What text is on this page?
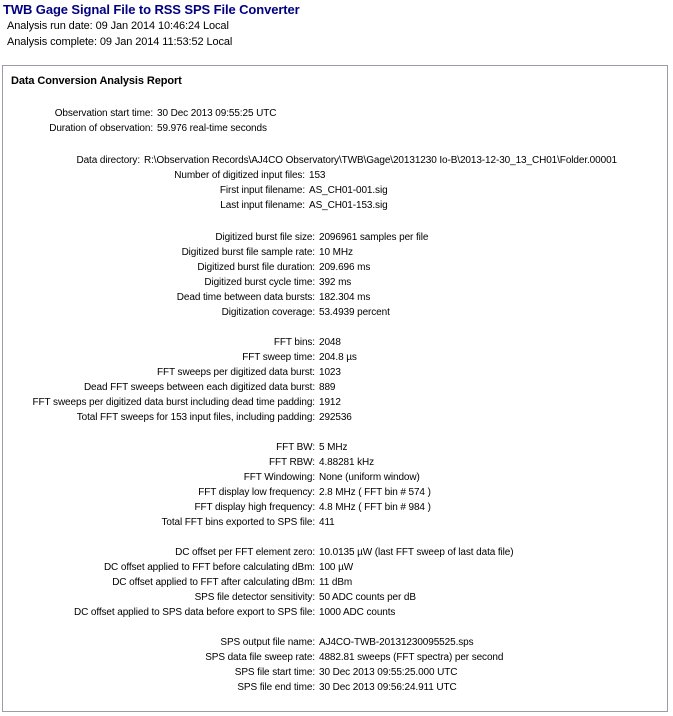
TWB Gage Signal File to RSS SPS File Converter
Analysis run date: 09 Jan 2014 10:46:24 Local
Analysis complete: 09 Jan 2014 11:53:52 Local
Data Conversion Analysis Report
Observation start time: 30 Dec 2013 09:55:25 UTC
Duration of observation: 59.976 real-time seconds
Data directory: R:\Observation Records\AJ4CO Observatory\TWB\Gage\20131230 Io-B\2013-12-30_13_CH01\Folder.00001
Number of digitized input files: 153
First input filename: AS_CH01-001.sig
Last input filename: AS_CH01-153.sig
Digitized burst file size: 2096961 samples per file
Digitized burst file sample rate: 10 MHz
Digitized burst file duration: 209.696 ms
Digitized burst cycle time: 392 ms
Dead time between data bursts: 182.304 ms
Digitization coverage: 53.4939 percent
FFT bins: 2048
FFT sweep time: 204.8 µs
FFT sweeps per digitized data burst: 1023
Dead FFT sweeps between each digitized data burst: 889
FFT sweeps per digitized data burst including dead time padding: 1912
Total FFT sweeps for 153 input files, including padding: 292536
FFT BW: 5 MHz
FFT RBW: 4.88281 kHz
FFT Windowing: None (uniform window)
FFT display low frequency: 2.8 MHz ( FFT bin # 574 )
FFT display high frequency: 4.8 MHz ( FFT bin # 984 )
Total FFT bins exported to SPS file: 411
DC offset per FFT element zero: 10.0135 µW (last FFT sweep of last data file)
DC offset applied to FFT before calculating dBm: 100 µW
DC offset applied to FFT after calculating dBm: 11 dBm
SPS file detector sensitivity: 50 ADC counts per dB
DC offset applied to SPS data before export to SPS file: 1000 ADC counts
SPS output file name: AJ4CO-TWB-20131230095525.sps
SPS data file sweep rate: 4882.81 sweeps (FFT spectra) per second
SPS file start time: 30 Dec 2013 09:55:25.000 UTC
SPS file end time: 30 Dec 2013 09:56:24.911 UTC
